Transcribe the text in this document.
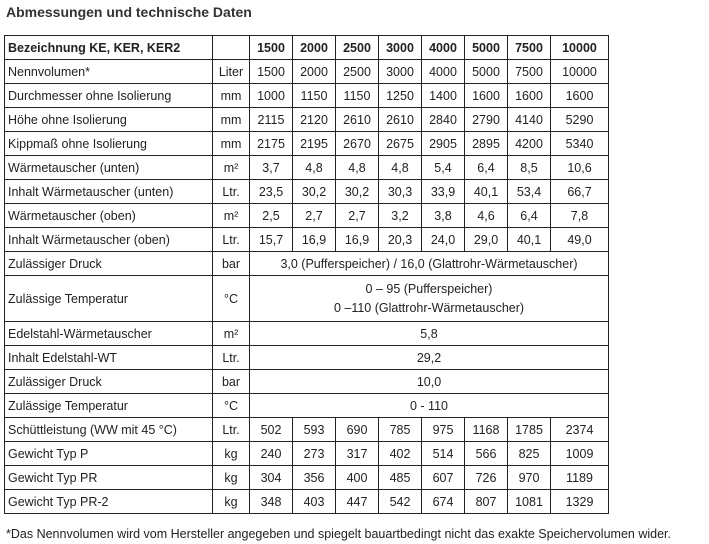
Abmessungen und technische Daten
Bezeichnung KE, KER, KER2		1500	2000	2500	3000	4000	5000	7500	10000
Nennvolumen*	Liter	1500	2000	2500	3000	4000	5000	7500	10000
Durchmesser ohne Isolierung	mm	1000	1150	1150	1250	1400	1600	1600	1600
Höhe ohne Isolierung	mm	2115	2120	2610	2610	2840	2790	4140	5290
Kippmaß ohne Isolierung	mm	2175	2195	2670	2675	2905	2895	4200	5340
Wärmetauscher (unten)	m²	3,7	4,8	4,8	4,8	5,4	6,4	8,5	10,6
Inhalt Wärmetauscher (unten)	Ltr.	23,5	30,2	30,2	30,3	33,9	40,1	53,4	66,7
Wärmetauscher (oben)	m²	2,5	2,7	2,7	3,2	3,8	4,6	6,4	7,8
Inhalt Wärmetauscher (oben)	Ltr.	15,7	16,9	16,9	20,3	24,0	29,0	40,1	49,0
Zulässiger Druck	bar	3,0 (Pufferspeicher) / 16,0 (Glattrohr-Wärmetauscher)							
Zulässige Temperatur	°C	0 – 95 (Pufferspeicher)
0 –110 (Glattrohr-Wärmetauscher)							

Edelstahl-Wärmetauscher	m²	5,8							
Inhalt Edelstahl-WT	Ltr.	29,2							
Zulässiger Druck	bar	10,0							
Zulässige Temperatur	°C	0 - 110							
Schüttleistung (WW mit 45 °C)	Ltr.	502	593	690	785	975	1168	1785	2374
Gewicht Typ P	kg	240	273	317	402	514	566	825	1009
Gewicht Typ PR	kg	304	356	400	485	607	726	970	1189
Gewicht Typ PR-2	kg	348	403	447	542	674	807	1081	1329
*Das Nennvolumen wird vom Hersteller angegeben und spiegelt bauartbedingt nicht das exakte Speichervolumen wider.
